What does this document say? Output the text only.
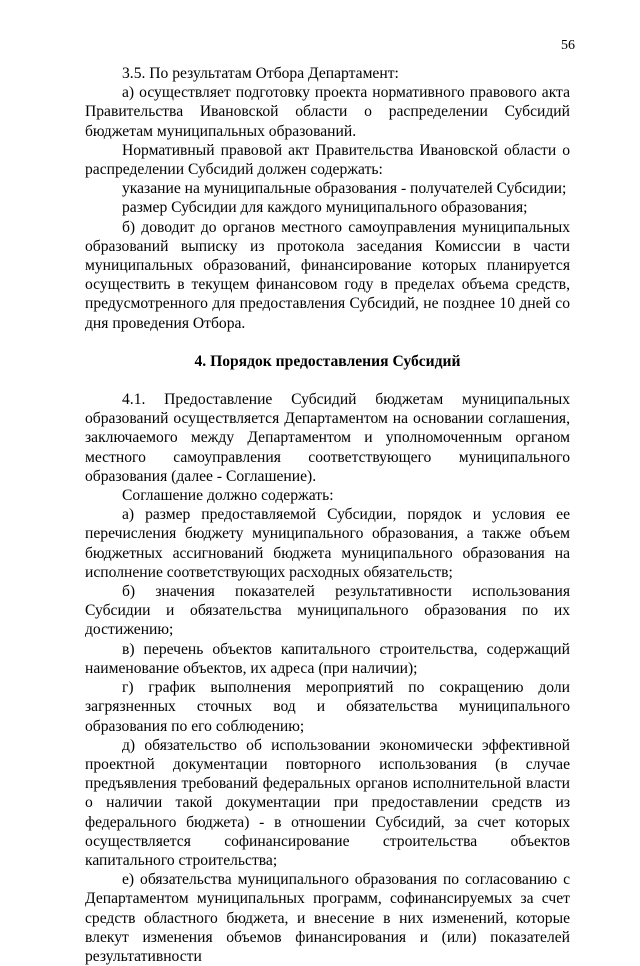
56

3.5. По результатам Отбора Департамент:

а) осуществляет подготовку проекта нормативного правового акта Правительства Ивановской области о распределении Субсидий бюджетам муниципальных образований.

Нормативный правовой акт Правительства Ивановской области о распределении Субсидий должен содержать:

указание на муниципальные образования - получателей Субсидии;

размер Субсидии для каждого муниципального образования;

б) доводит до органов местного самоуправления муниципальных образований выписку из протокола заседания Комиссии в части муниципальных образований, финансирование которых планируется осуществить в текущем финансовом году в пределах объема средств, предусмотренного для предоставления Субсидий, не позднее 10 дней со дня проведения Отбора.

4. Порядок предоставления Субсидий

4.1. Предоставление Субсидий бюджетам муниципальных образований осуществляется Департаментом на основании соглашения, заключаемого между Департаментом и уполномоченным органом местного самоуправления соответствующего муниципального образования (далее - Соглашение).

Соглашение должно содержать:

а) размер предоставляемой Субсидии, порядок и условия ее перечисления бюджету муниципального образования, а также объем бюджетных ассигнований бюджета муниципального образования на исполнение соответствующих расходных обязательств;

б) значения показателей результативности использования Субсидии и обязательства муниципального образования по их достижению;

в) перечень объектов капитального строительства, содержащий наименование объектов, их адреса (при наличии);

г) график выполнения мероприятий по сокращению доли загрязненных сточных вод и обязательства муниципального образования по его соблюдению;

д) обязательство об использовании экономически эффективной проектной документации повторного использования (в случае предъявления требований федеральных органов исполнительной власти о наличии такой документации при предоставлении средств из федерального бюджета) - в отношении Субсидий, за счет которых осуществляется софинансирование строительства объектов капитального строительства;

е) обязательства муниципального образования по согласованию с Департаментом муниципальных программ, софинансируемых за счет средств областного бюджета, и внесение в них изменений, которые влекут изменения объемов финансирования и (или) показателей результативности
